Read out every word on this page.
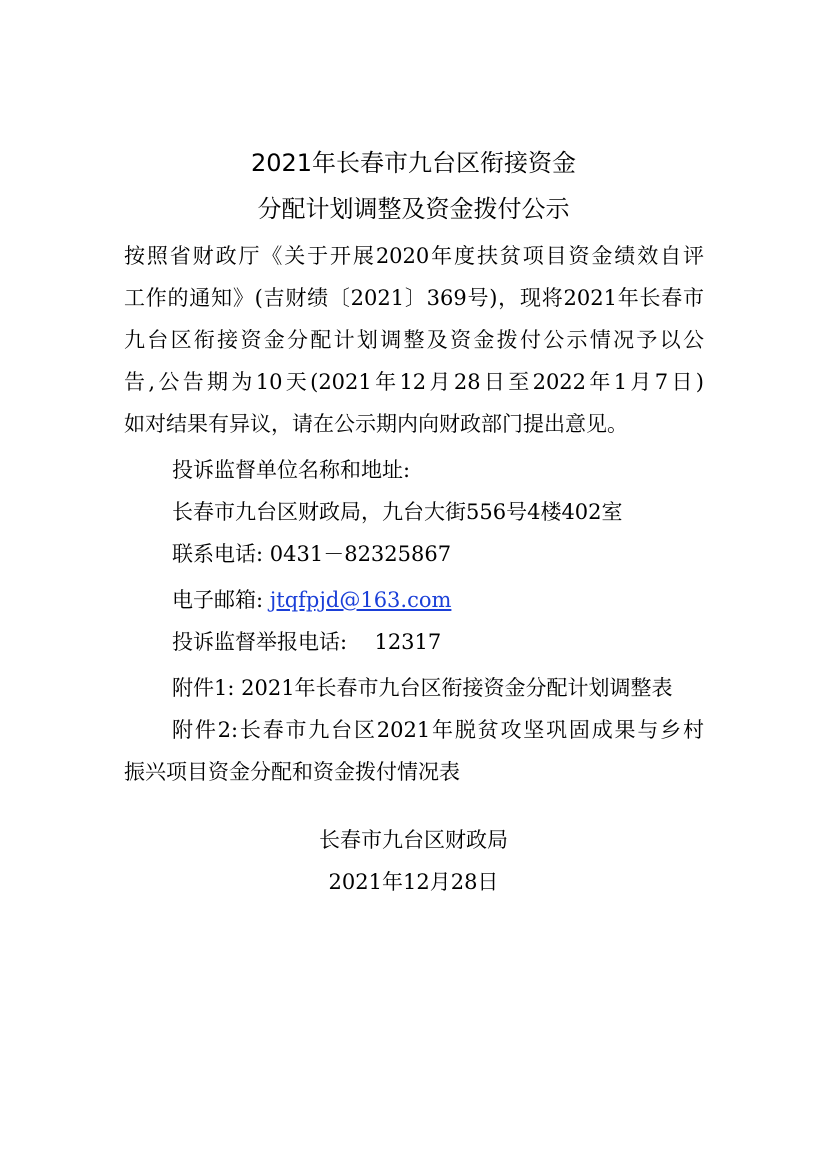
2021年长春市九台区衔接资金
分配计划调整及资金拨付公示
按照省财政厅《关于开展2020年度扶贫项目资金绩效自评
工作的通知》(吉财绩〔2021〕369号)，现将2021年长春市
九台区衔接资金分配计划调整及资金拨付公示情况予以公
告,公告期为10天(2021年12月28日至2022年1月7日)
如对结果有异议，请在公示期内向财政部门提出意见。
投诉监督单位名称和地址:
长春市九台区财政局，九台大街556号4楼402室
联系电话: 0431－82325867
电子邮箱: jtqfpjd@163.com
投诉监督举报电话: 12317
附件1: 2021年长春市九台区衔接资金分配计划调整表
附件2:长春市九台区2021年脱贫攻坚巩固成果与乡村
振兴项目资金分配和资金拨付情况表
长春市九台区财政局
2021年12月28日
